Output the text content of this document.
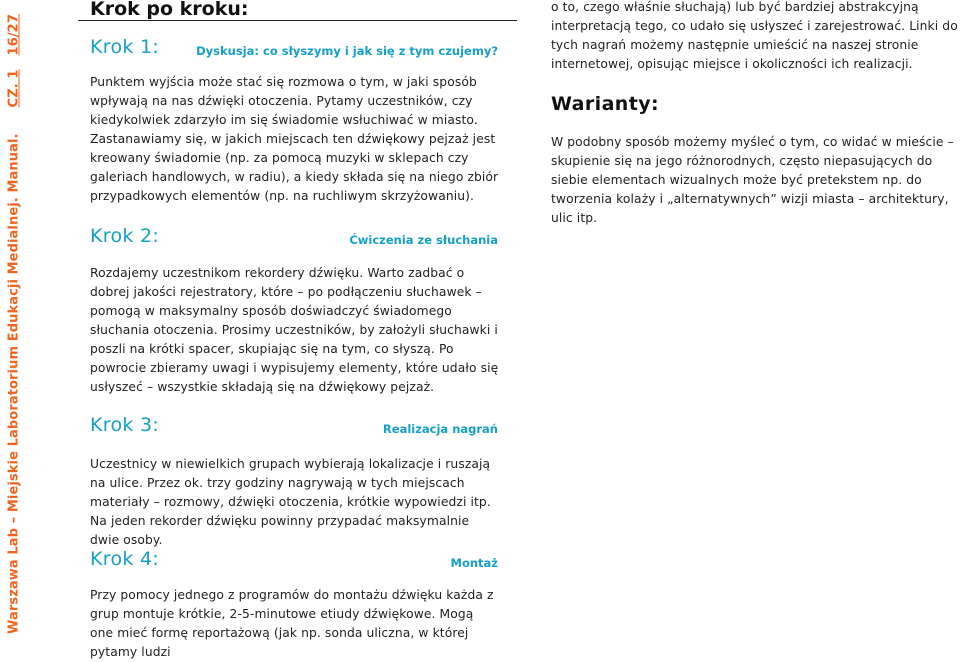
Warszawa Lab – Miejskie Laboratorium Edukacji Medialnej. Manual.CZ. 116/27
Krok po kroku:
Krok 1:	Dyskusja: co słyszymy i jak się z tym czujemy?

Punktem wyjścia może stać się rozmowa o tym, w jaki sposób wpływają na nas dźwięki otoczenia. Pytamy uczestników, czy kiedykolwiek zdarzyło im się świadomie wsłuchiwać w miasto. Zastanawiamy się, w jakich miejscach ten dźwiękowy pejzaż jest kreowany świadomie (np. za pomocą muzyki w sklepach czy galeriach handlowych, w radiu), a kiedy składa się na niego zbiór przypadkowych elementów (np. na ruchliwym skrzyżowaniu).

Krok 2:	Ćwiczenia ze słuchania

Rozdajemy uczestnikom rekordery dźwięku. Warto zadbać o dobrej jakości rejestratory, które – po podłączeniu słuchawek – pomogą w maksymalny sposób doświadczyć świadomego słuchania otoczenia. Prosimy uczestników, by założyli słuchawki i poszli na krótki spacer, skupiając się na tym, co słyszą. Po powrocie zbieramy uwagi i wypisujemy elementy, które udało się usłyszeć – wszystkie składają się na dźwiękowy pejzaż.

Krok 3:	Realizacja nagrań

Uczestnicy w niewielkich grupach wybierają lokalizacje i ruszają na ulice. Przez ok. trzy godziny nagrywają w tych miejscach materiały – rozmowy, dźwięki otoczenia, krótkie wypowiedzi itp. Na jeden rekorder dźwięku powinny przypadać maksymalnie dwie osoby.

Krok 4:	Montaż

Przy pomocy jednego z programów do montażu dźwięku każda z grup montuje krótkie, 2-5-minutowe etiudy dźwiękowe. Mogą one mieć formę reportażową (jak np. sonda uliczna, w której pytamy ludzi

o to, czego właśnie słuchają) lub być bardziej abstrakcyjną interpretacją tego, co udało się usłyszeć i zarejestrować. Linki do tych nagrań możemy następnie umieścić na naszej stronie internetowej, opisując miejsce i okoliczności ich realizacji.

Warianty:

W podobny sposób możemy myśleć o tym, co widać w mieście – skupienie się na jego różnorodnych, często niepasujących do siebie elementach wizualnych może być pretekstem np. do tworzenia kolaży i „alternatywnych” wizji miasta – architektury, ulic itp.
